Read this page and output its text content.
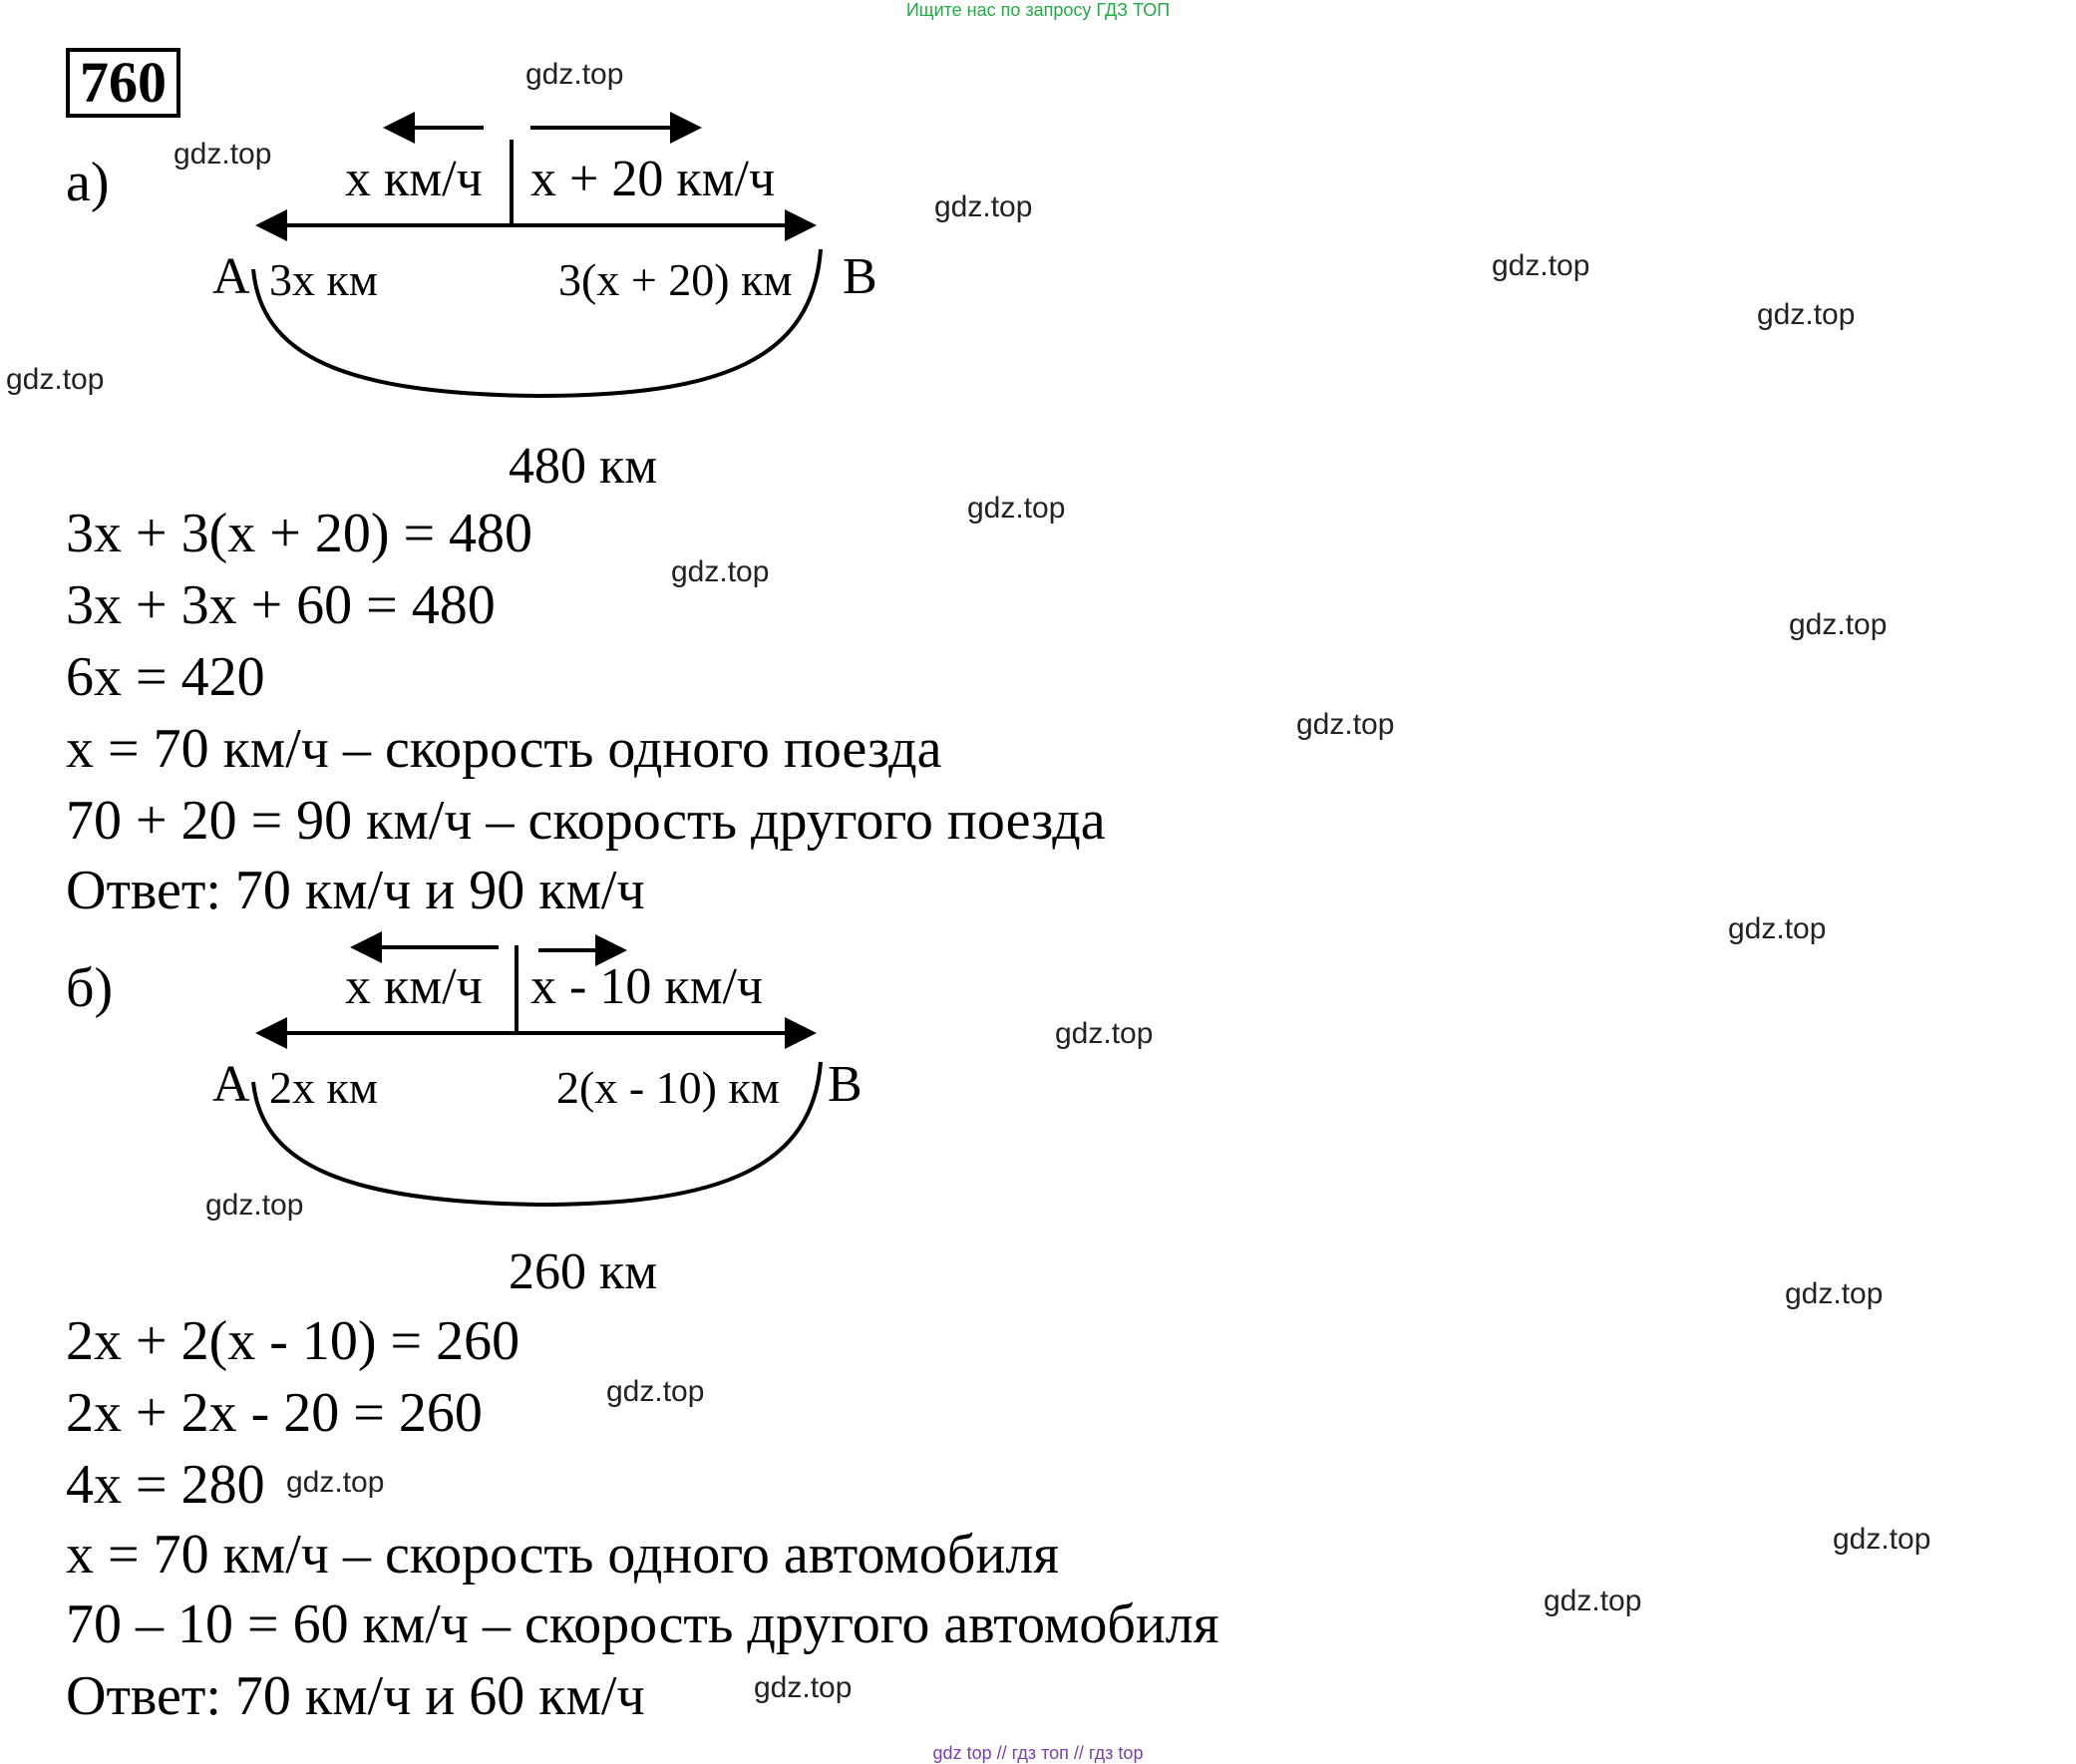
Ищите нас по запросу ГДЗ ТОП
760
а)	x км/ч x + 20 км/ч
A 3x км	3(x + 20) км B
480 км
3x + 3(x + 20) = 480
3x + 3x + 60 = 480
6x = 420
x = 70 км/ч – скорость одного поезда
70 + 20 = 90 км/ч – скорость другого поезда
Ответ: 70 км/ч и 90 км/ч
б)	x км/ч x - 10 км/ч
A 2x км	2(x - 10) км B
260 км
2x + 2(x - 10) = 260
2x + 2x - 20 = 260
4x = 280
x = 70 км/ч – скорость одного автомобиля
70 – 10 = 60 км/ч – скорость другого автомобиля
Ответ: 70 км/ч и 60 км/ч
gdz.top
gdz.top
gdz.top
gdz.top
gdz.top
gdz.top
gdz.top
gdz.top
gdz.top
gdz.top
gdz.top
gdz.top
gdz.top
gdz.top
gdz.top
gdz.top
gdz.top
gdz.top
gdz.top
gdz top // гдз топ // гдз top
